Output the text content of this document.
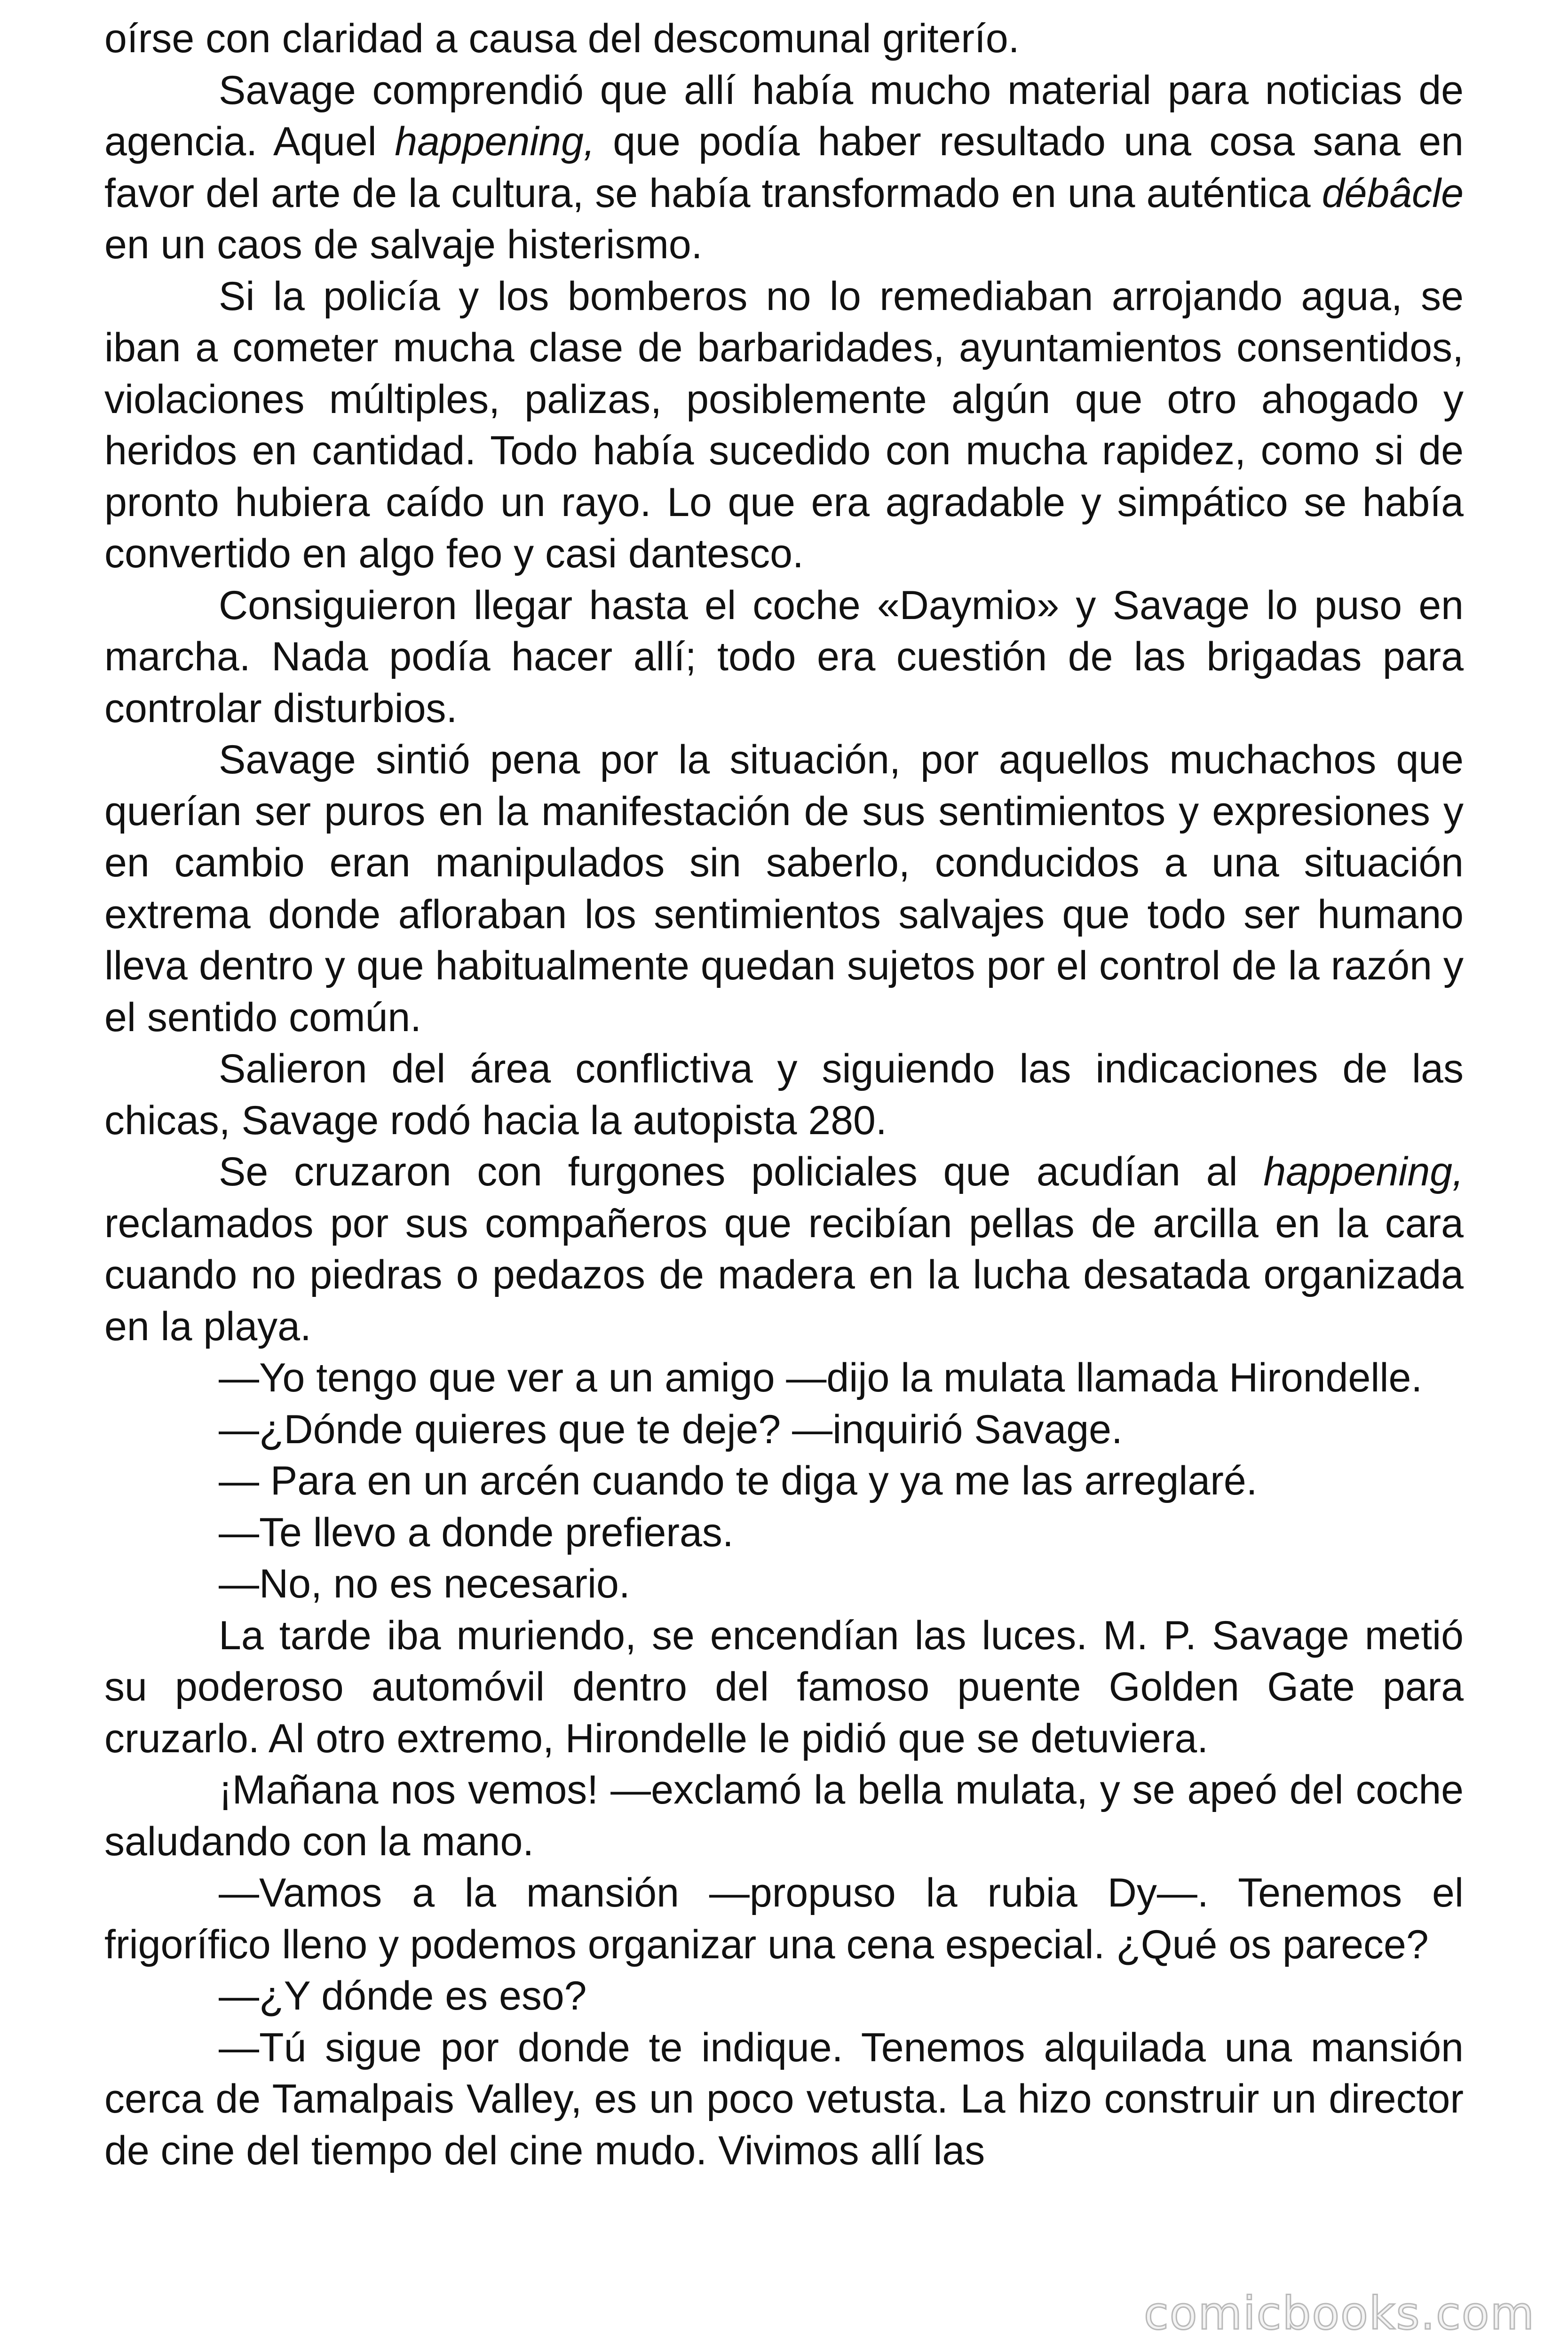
oírse con claridad a causa del descomunal griterío.

Savage comprendió que allí había mucho material para noticias de agencia. Aquel happening, que podía haber resultado una cosa sana en favor del arte de la cultura, se había transformado en una auténtica débâcle en un caos de salvaje histerismo.

Si la policía y los bomberos no lo remediaban arrojando agua, se iban a cometer mucha clase de barbaridades, ayuntamientos consentidos, violaciones múltiples, palizas, posiblemente algún que otro ahogado y heridos en cantidad. Todo había sucedido con mucha rapidez, como si de pronto hubiera caído un rayo. Lo que era agradable y simpático se había convertido en algo feo y casi dantesco.

Consiguieron llegar hasta el coche «Daymio» y Savage lo puso en marcha. Nada podía hacer allí; todo era cuestión de las brigadas para controlar disturbios.

Savage sintió pena por la situación, por aquellos muchachos que querían ser puros en la manifestación de sus sentimientos y expresiones y en cambio eran manipulados sin saberlo, conducidos a una situación extrema donde afloraban los sentimientos salvajes que todo ser humano lleva dentro y que habitualmente quedan sujetos por el control de la razón y el sentido común.

Salieron del área conflictiva y siguiendo las indicaciones de las chicas, Savage rodó hacia la autopista 280.

Se cruzaron con furgones policiales que acudían al happening, reclamados por sus compañeros que recibían pellas de arcilla en la cara cuando no piedras o pedazos de madera en la lucha desatada organizada en la playa.

—Yo tengo que ver a un amigo —dijo la mulata llamada Hirondelle.

—¿Dónde quieres que te deje? —inquirió Savage.

— Para en un arcén cuando te diga y ya me las arreglaré.

—Te llevo a donde prefieras.

—No, no es necesario.

La tarde iba muriendo, se encendían las luces. M. P. Savage metió su poderoso automóvil dentro del famoso puente Golden Gate para cruzarlo. Al otro extremo, Hirondelle le pidió que se detuviera.

¡Mañana nos vemos! —exclamó la bella mulata, y se apeó del coche saludando con la mano.

—Vamos a la mansión —propuso la rubia Dy—. Tenemos el frigorífico lleno y podemos organizar una cena especial. ¿Qué os parece?

—¿Y dónde es eso?

—Tú sigue por donde te indique. Tenemos alquilada una mansión cerca de Tamalpais Valley, es un poco vetusta. La hizo construir un director de cine del tiempo del cine mudo. Vivimos allí las

comicbooks.com
